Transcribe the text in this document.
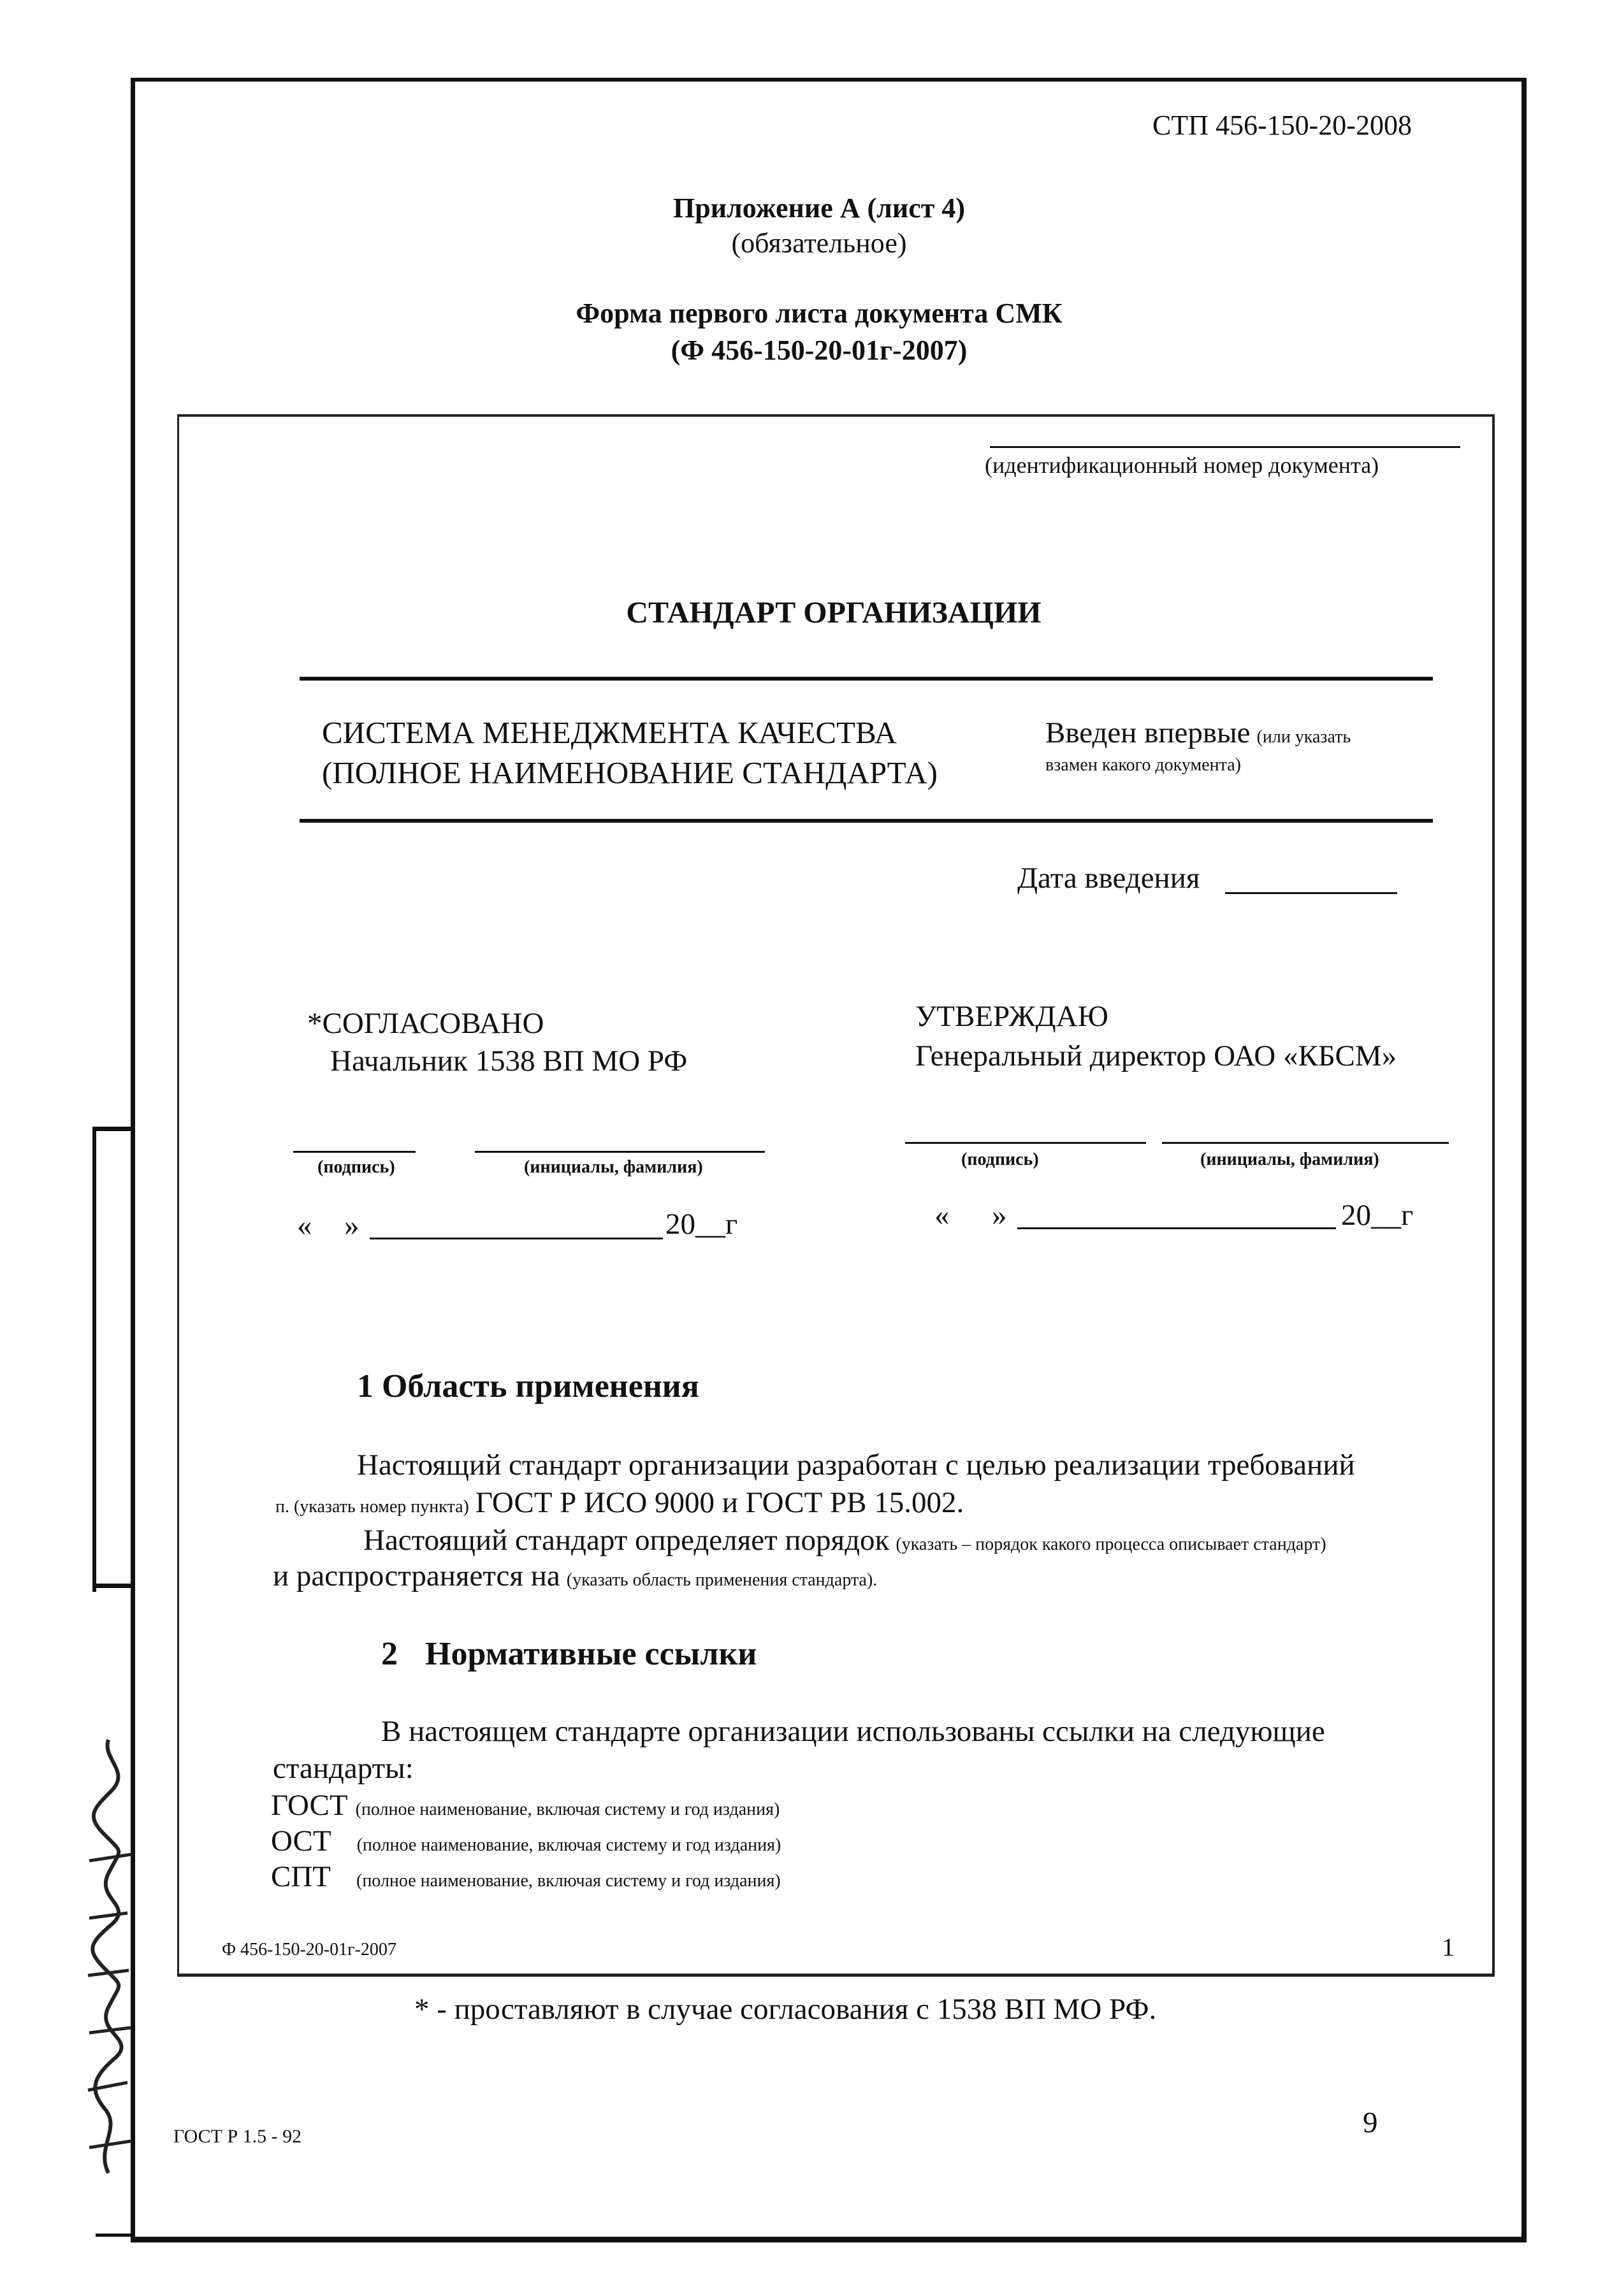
СТП 456-150-20-2008
Приложение А (лист 4)
(обязательное)
Форма первого листа документа СМК
(Ф 456-150-20-01г-2007)
(идентификационный номер документа)
СТАНДАРТ ОРГАНИЗАЦИИ
СИСТЕМА МЕНЕДЖМЕНТА КАЧЕСТВА
(ПОЛНОЕ НАИМЕНОВАНИЕ СТАНДАРТА)
Введен впервые (или указать
взамен какого документа)
Дата введения
*СОГЛАСОВАНО
Начальник 1538 ВП МО РФ
(подпись)	(инициалы, фамилия)
« »	20__г
УТВЕРЖДАЮ
Генеральный директор ОАО «КБСМ»
(подпись)	(инициалы, фамилия)
« »	20__г
1 Область применения
Настоящий стандарт организации разработан с целью реализации требований
п. (указать номер пункта) ГОСТ Р ИСО 9000 и ГОСТ РВ 15.002.
Настоящий стандарт определяет порядок (указать – порядок какого процесса описывает стандарт)
и распространяется на (указать область применения стандарта).
2 Нормативные ссылки
В настоящем стандарте организации использованы ссылки на следующие
стандарты:
ГОСТ (полное наименование, включая систему и год издания)
ОСТ (полное наименование, включая систему и год издания)
СПТ (полное наименование, включая систему и год издания)
Ф 456-150-20-01г-2007	1
* - проставляют в случае согласования с 1538 ВП МО РФ.
ГОСТ Р 1.5 - 92	9
